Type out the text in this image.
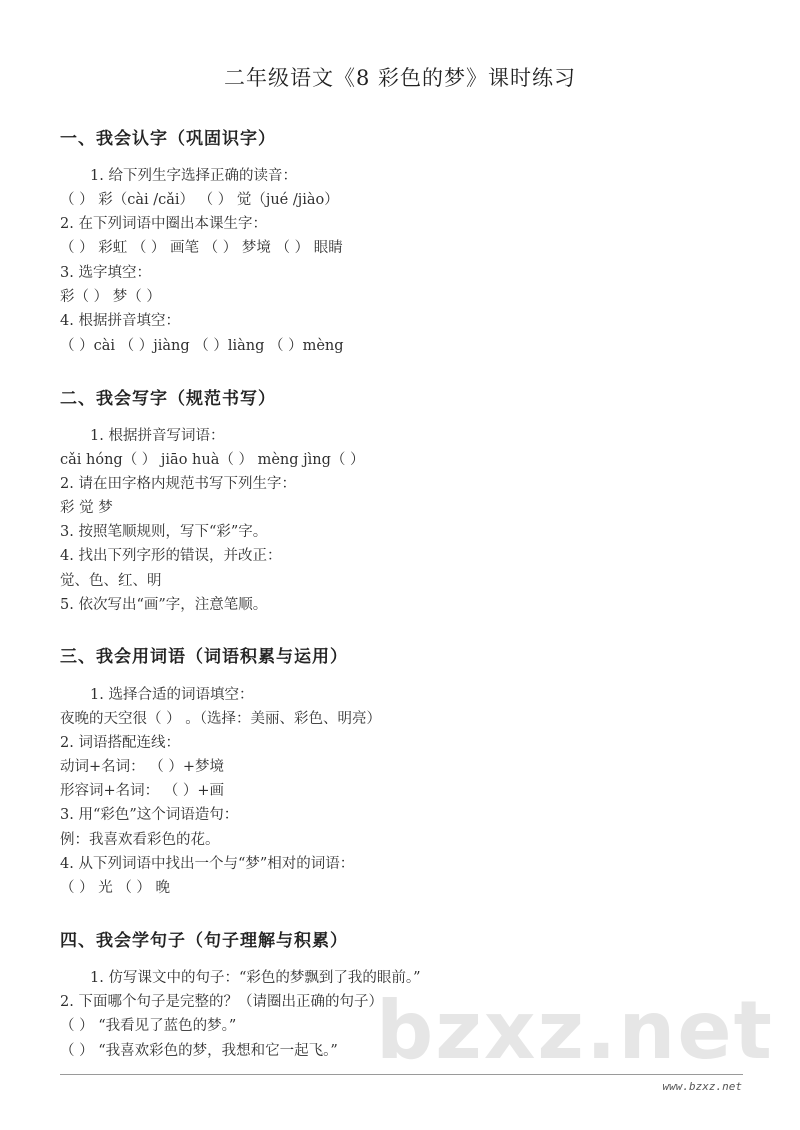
二年级语文《8 彩色的梦》课时练习
一、我会认字（巩固识字）
1. 给下列生字选择正确的读音：
（ ） 彩（cài /cǎi） （ ） 觉（jué /jiào）
2. 在下列词语中圈出本课生字：
（ ） 彩虹 （ ） 画笔 （ ） 梦境 （ ） 眼睛
3. 选字填空：
彩（ ） 梦（ ）
4. 根据拼音填空：
（ ）cài （ ）jiàng （ ）liàng （ ）mèng
二、我会写字（规范书写）
1. 根据拼音写词语：
cǎi hóng（ ） jiāo huà（ ） mèng jìng（ ）
2. 请在田字格内规范书写下列生字：
彩 觉 梦
3. 按照笔顺规则，写下“彩”字。
4. 找出下列字形的错误，并改正：
觉、色、红、明
5. 依次写出“画”字，注意笔顺。
三、我会用词语（词语积累与运用）
1. 选择合适的词语填空：
夜晚的天空很（ ） 。（选择：美丽、彩色、明亮）
2. 词语搭配连线：
动词+名词： （ ）+梦境
形容词+名词： （ ）+画
3. 用“彩色”这个词语造句：
例：我喜欢看彩色的花。
4. 从下列词语中找出一个与“梦”相对的词语：
（ ） 光 （ ） 晚
四、我会学句子（句子理解与积累）
bzxz.net
1. 仿写课文中的句子：“彩色的梦飘到了我的眼前。”
2. 下面哪个句子是完整的？（请圈出正确的句子）
（ ） “我看见了蓝色的梦。”
（ ） “我喜欢彩色的梦，我想和它一起飞。”
www.bzxz.net
